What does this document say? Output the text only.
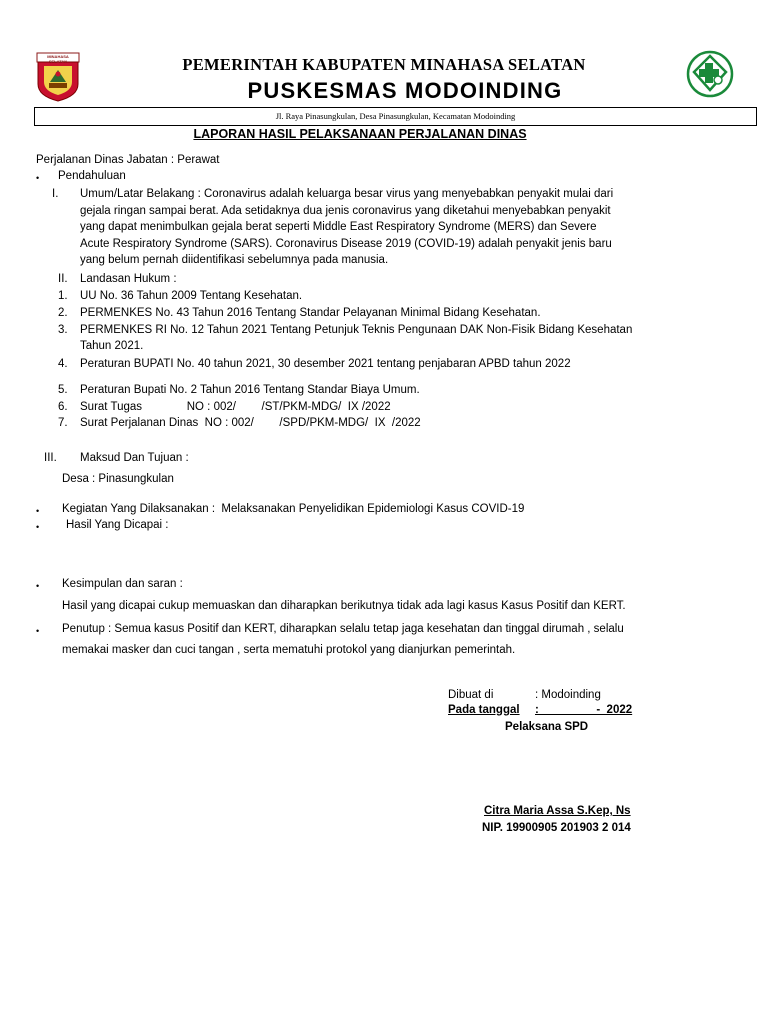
MINAHASA SELATAN	PEMERINTAH KABUPATEN MINAHASA SELATAN
PUSKESMAS MODOINDING
Jl. Raya Pinasungkulan, Desa Pinasungkulan, Kecamatan Modoinding
LAPORAN HASIL PELAKSANAAN PERJALANAN DINAS
Perjalanan Dinas Jabatan : Perawat
• Pendahuluan
I. Umum/Latar Belakang : Coronavirus adalah keluarga besar virus yang menyebabkan penyakit mulai dari
gejala ringan sampai berat. Ada setidaknya dua jenis coronavirus yang diketahui menyebabkan penyakit
yang dapat menimbulkan gejala berat seperti Middle East Respiratory Syndrome (MERS) dan Severe
Acute Respiratory Syndrome (SARS). Coronavirus Disease 2019 (COVID-19) adalah penyakit jenis baru
yang belum pernah diidentifikasi sebelumnya pada manusia.
II. Landasan Hukum :
1. UU No. 36 Tahun 2009 Tentang Kesehatan.
2. PERMENKES No. 43 Tahun 2016 Tentang Standar Pelayanan Minimal Bidang Kesehatan.
3. PERMENKES RI No. 12 Tahun 2021 Tentang Petunjuk Teknis Pengunaan DAK Non-Fisik Bidang Kesehatan
Tahun 2021.
4. Peraturan BUPATI No. 40 tahun 2021, 30 desember 2021 tentang penjabaran APBD tahun 2022
5. Peraturan Bupati No. 2 Tahun 2016 Tentang Standar Biaya Umum.
6. Surat Tugas              NO : 002/        /ST/PKM-MDG/  IX /2022
7. Surat Perjalanan Dinas  NO : 002/        /SPD/PKM-MDG/  IX  /2022
III. Maksud Dan Tujuan :
Desa : Pinasungkulan
• Kegiatan Yang Dilaksanakan : Melaksanakan Penyelidikan Epidemiologi Kasus COVID-19
• Hasil Yang Dicapai :
• Kesimpulan dan saran :
Hasil yang dicapai cukup memuaskan dan diharapkan berikutnya tidak ada lagi kasus Kasus Positif dan KERT.
• Penutup : Semua kasus Positif dan KERT, diharapkan selalu tetap jaga kesehatan dan tinggal dirumah , selalu
memakai masker dan cuci tangan , serta mematuhi protokol yang dianjurkan pemerintah.
Dibuat di	: Modoinding
Pada tanggal :                  -  2022
Pelaksana SPD
Citra Maria Assa S.Kep, Ns
NIP. 19900905 201903 2 014
